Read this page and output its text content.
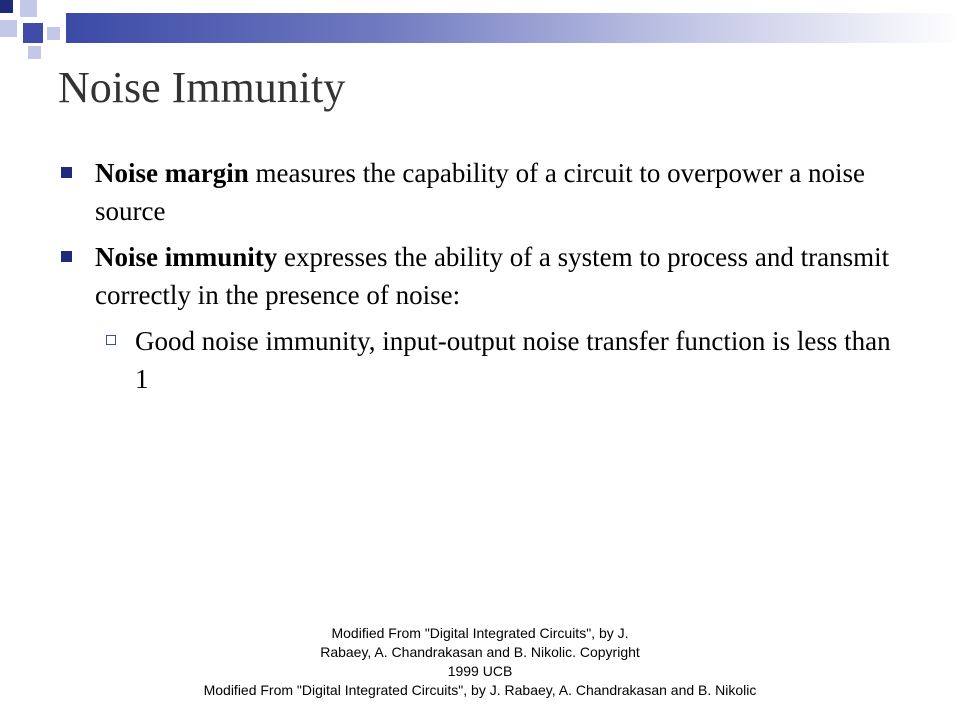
Noise Immunity
Noise margin measures the capability of a circuit to overpower a noise source
Noise immunity expresses the ability of a system to process and transmit correctly in the presence of noise:
Good noise immunity, input-output noise transfer function is less than 1
Modified From "Digital Integrated Circuits", by J. Rabaey, A. Chandrakasan and B. Nikolic. Copyright 1999 UCB
Modified From "Digital Integrated Circuits", by J. Rabaey, A. Chandrakasan and B. Nikolic
